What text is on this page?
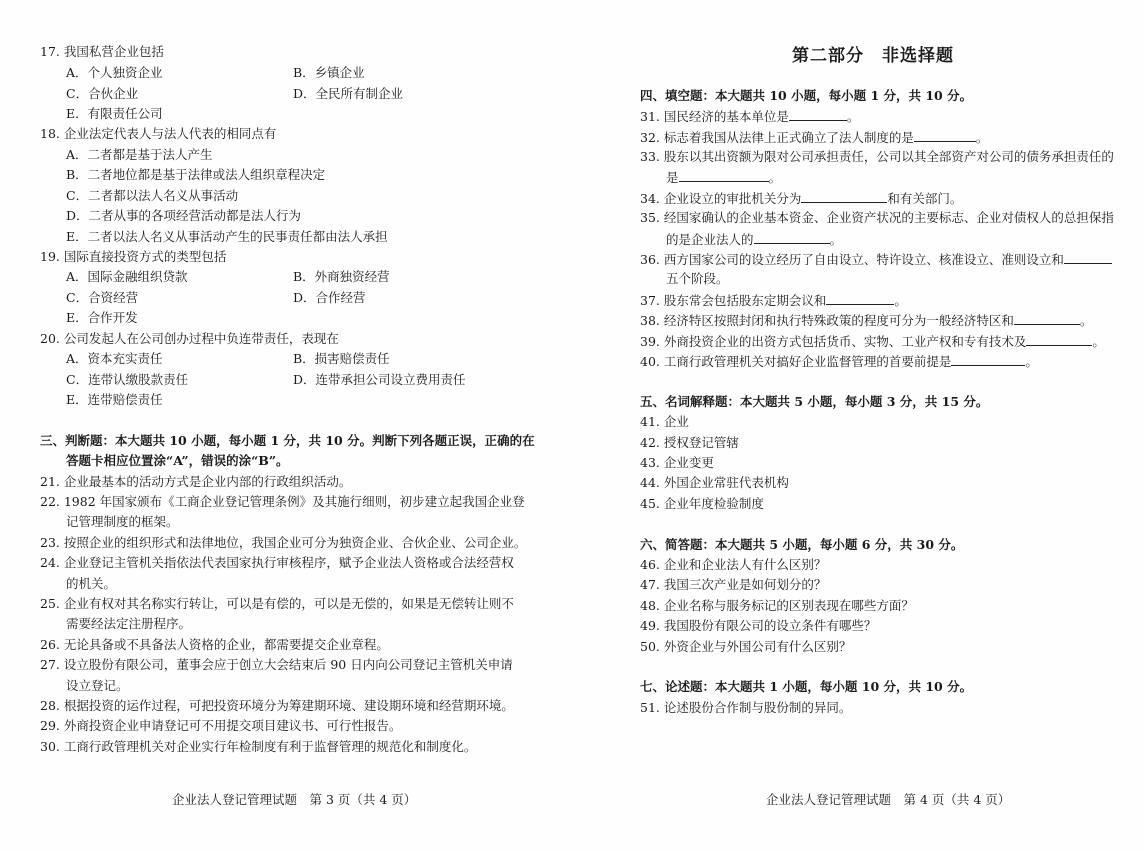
17. 我国私营企业包括
A．个人独资企业	B．乡镇企业
C．合伙企业	D．全民所有制企业
E．有限责任公司
18. 企业法定代表人与法人代表的相同点有
A．二者都是基于法人产生
B．二者地位都是基于法律或法人组织章程决定
C．二者都以法人名义从事活动
D．二者从事的各项经营活动都是法人行为
E．二者以法人名义从事活动产生的民事责任都由法人承担
19. 国际直接投资方式的类型包括
A．国际金融组织贷款	B．外商独资经营
C．合资经营	D．合作经营
E．合作开发
20. 公司发起人在公司创办过程中负连带责任，表现在
A．资本充实责任	B．损害赔偿责任
C．连带认缴股款责任	D．连带承担公司设立费用责任
E．连带赔偿责任
三、判断题：本大题共 10 小题，每小题 1 分，共 10 分。判断下列各题正误，正确的在
答题卡相应位置涂“A”，错误的涂“B”。
21. 企业最基本的活动方式是企业内部的行政组织活动。
22. 1982 年国家颁布《工商企业登记管理条例》及其施行细则，初步建立起我国企业登
记管理制度的框架。
23. 按照企业的组织形式和法律地位，我国企业可分为独资企业、合伙企业、公司企业。
24. 企业登记主管机关指依法代表国家执行审核程序，赋予企业法人资格或合法经营权
的机关。
25. 企业有权对其名称实行转让，可以是有偿的，可以是无偿的，如果是无偿转让则不
需要经法定注册程序。
26. 无论具备或不具备法人资格的企业，都需要提交企业章程。
27. 设立股份有限公司，董事会应于创立大会结束后 90 日内向公司登记主管机关申请
设立登记。
28. 根据投资的运作过程，可把投资环境分为筹建期环境、建设期环境和经营期环境。
29. 外商投资企业申请登记可不用提交项目建议书、可行性报告。
30. 工商行政管理机关对企业实行年检制度有利于监督管理的规范化和制度化。
企业法人登记管理试题　第 3 页（共 4 页）
第二部分　非选择题
四、填空题：本大题共 10 小题，每小题 1 分，共 10 分。
31. 国民经济的基本单位是	。
32. 标志着我国从法律上正式确立了法人制度的是	。
33. 股东以其出资额为限对公司承担责任，公司以其全部资产对公司的债务承担责任的
是	。
34. 企业设立的审批机关分为	和有关部门。
35. 经国家确认的企业基本资金、企业资产状况的主要标志、企业对债权人的总担保指
的是企业法人的	。
36. 西方国家公司的设立经历了自由设立、特许设立、核准设立、准则设立和
五个阶段。
37. 股东常会包括股东定期会议和	。
38. 经济特区按照封闭和执行特殊政策的程度可分为一般经济特区和	。
39. 外商投资企业的出资方式包括货币、实物、工业产权和专有技术及	。
40. 工商行政管理机关对搞好企业监督管理的首要前提是	。
五、名词解释题：本大题共 5 小题，每小题 3 分，共 15 分。
41. 企业
42. 授权登记管辖
43. 企业变更
44. 外国企业常驻代表机构
45. 企业年度检验制度
六、简答题：本大题共 5 小题，每小题 6 分，共 30 分。
46. 企业和企业法人有什么区别？
47. 我国三次产业是如何划分的？
48. 企业名称与服务标记的区别表现在哪些方面？
49. 我国股份有限公司的设立条件有哪些？
50. 外资企业与外国公司有什么区别？
七、论述题：本大题共 1 小题，每小题 10 分，共 10 分。
51. 论述股份合作制与股份制的异同。
企业法人登记管理试题　第 4 页（共 4 页）
